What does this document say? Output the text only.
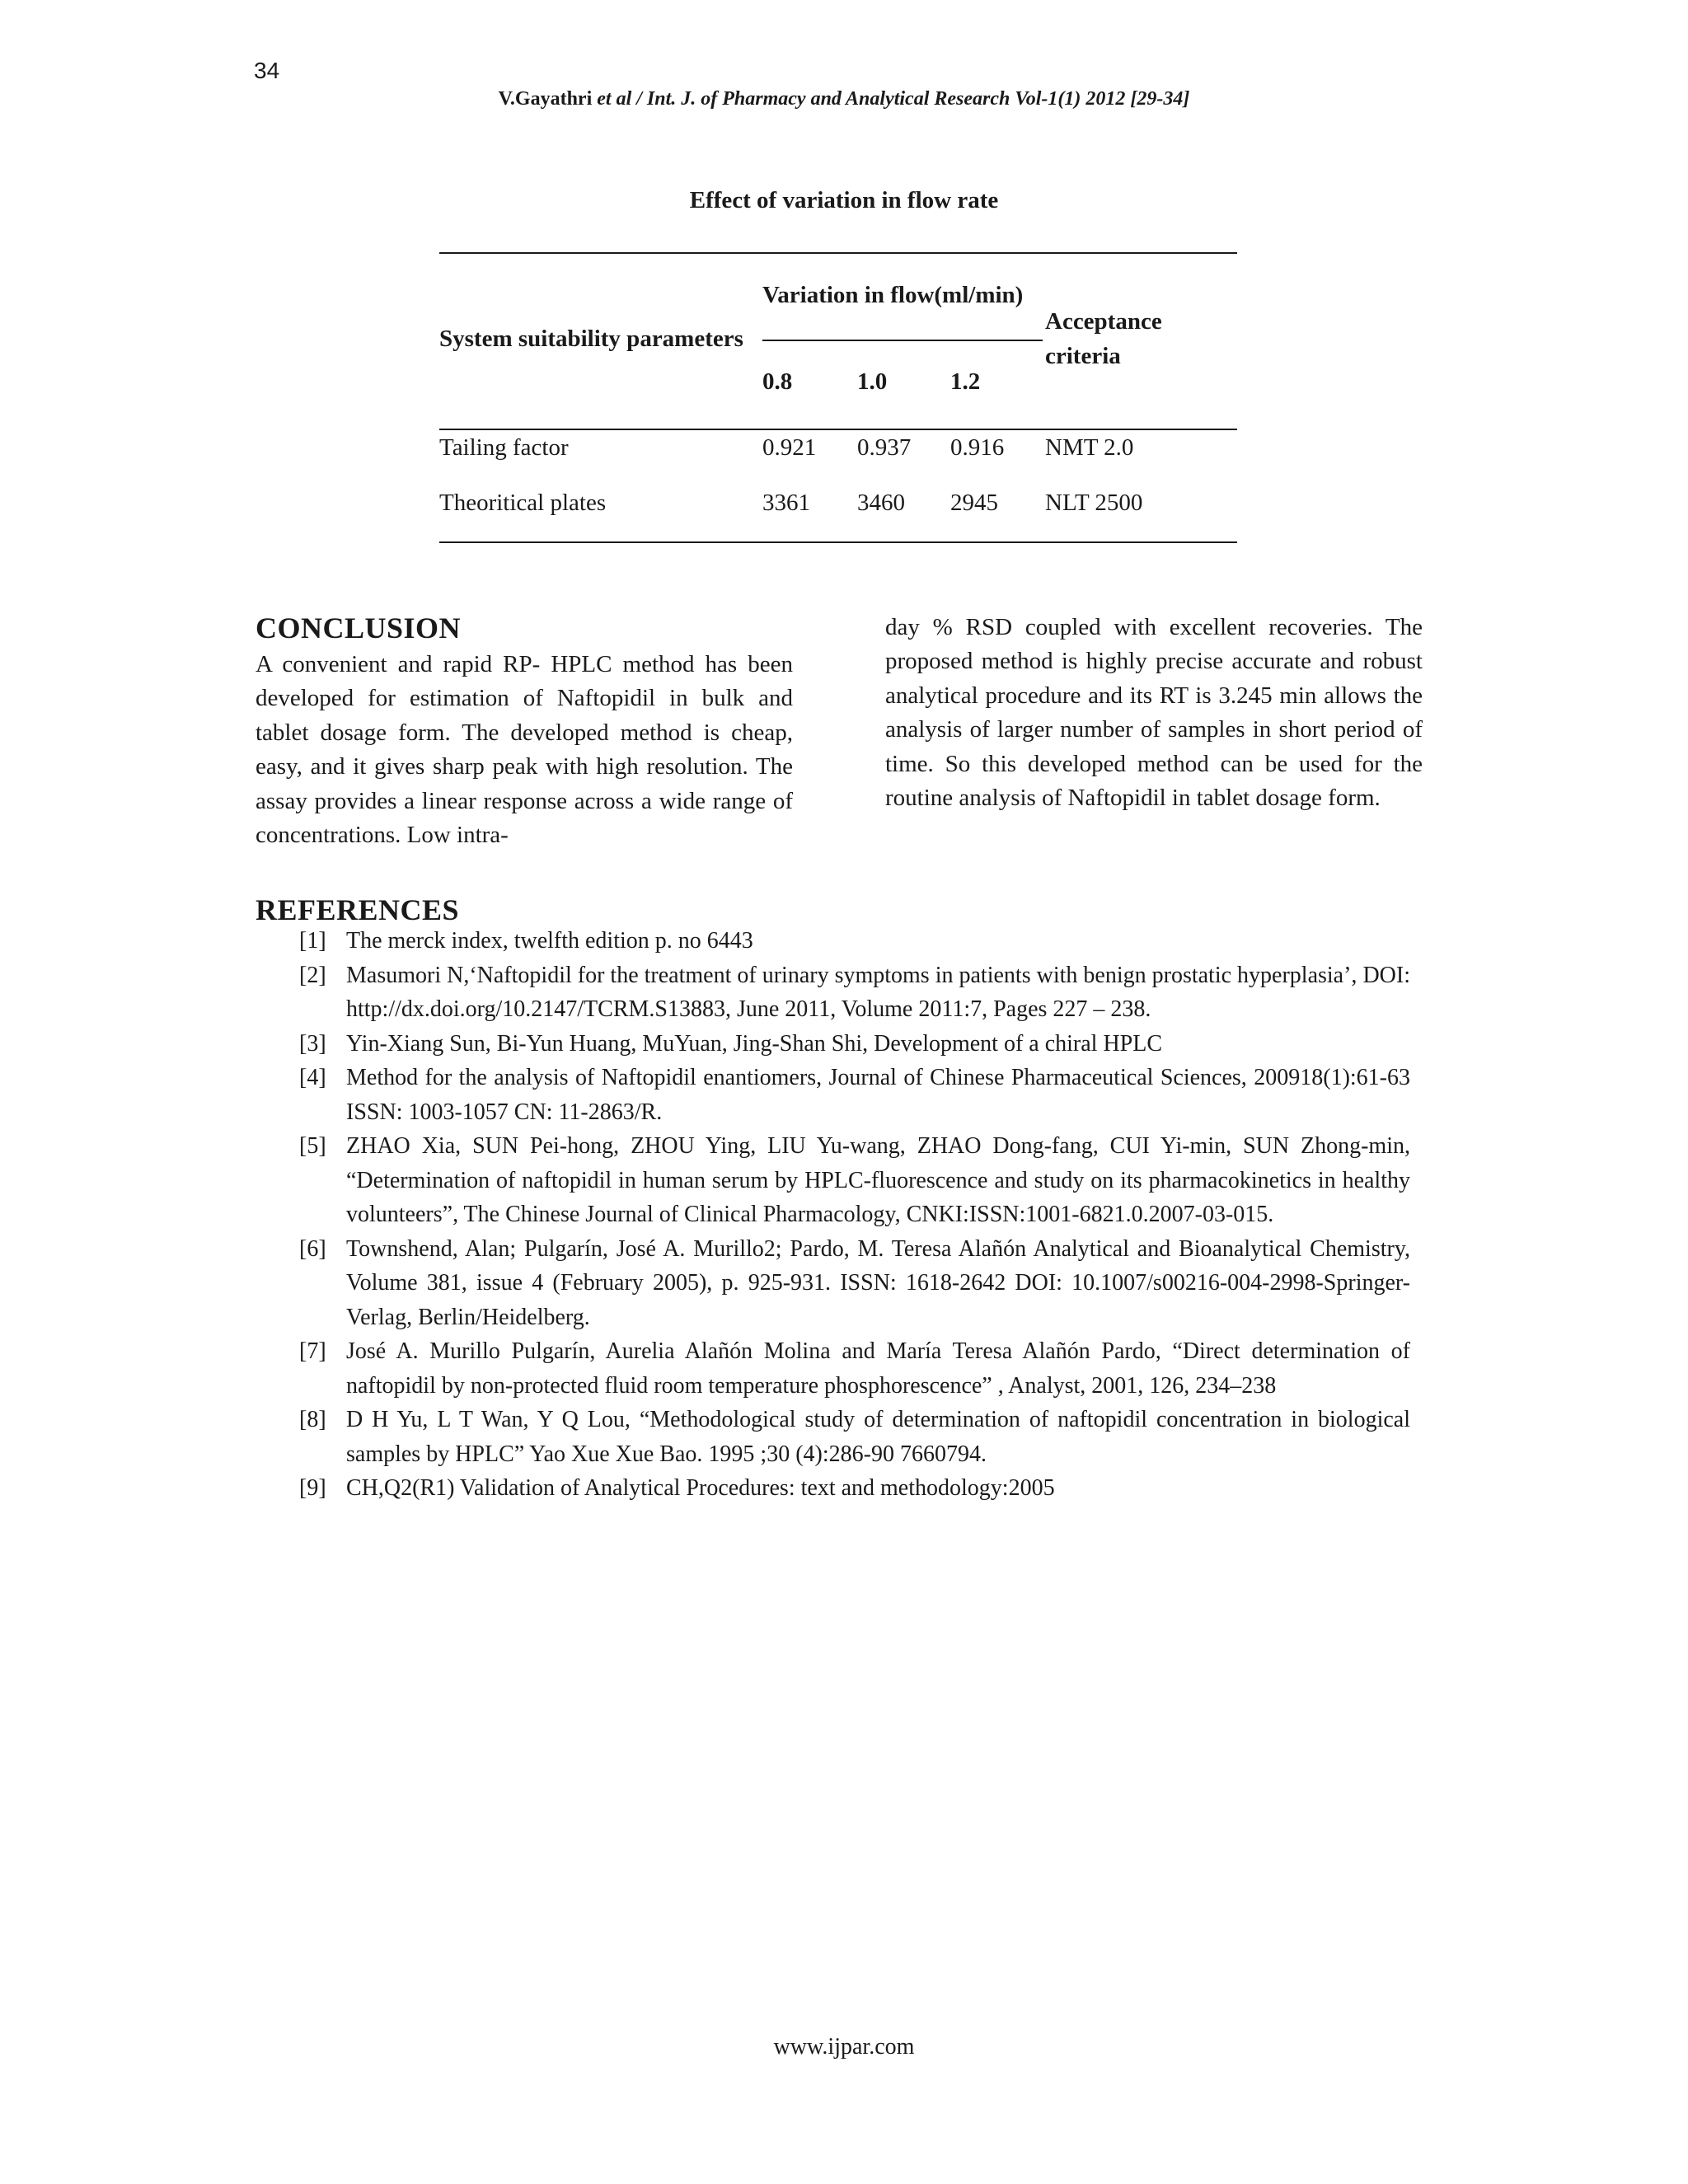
34
V.Gayathri et al / Int. J. of Pharmacy and Analytical Research Vol-1(1) 2012 [29-34]
Effect of variation in flow rate
Variation in flow(ml/min)
System suitability parameters
Acceptance
criteria
0.8	1.0	1.2
Tailing factor	0.921 0.937 0.916 NMT 2.0
Theoritical plates	3361 3460 2945 NLT 2500
CONCLUSION

A convenient and rapid RP- HPLC method has been developed for estimation of Naftopidil in bulk and tablet dosage form. The developed method is cheap, easy, and it gives sharp peak with high resolution. The assay provides a linear response across a wide range of concentrations. Low intra-

day % RSD coupled with excellent recoveries. The proposed method is highly precise accurate and robust analytical procedure and its RT is 3.245 min allows the analysis of larger number of samples in short period of time. So this developed method can be used for the routine analysis of Naftopidil in tablet dosage form.

REFERENCES
[1] The merck index, twelfth edition p. no 6443
[2] Masumori N,‘Naftopidil for the treatment of urinary symptoms in patients with benign prostatic hyperplasia’, DOI: http://dx.doi.org/10.2147/TCRM.S13883, June 2011, Volume 2011:7, Pages 227 – 238.
[3] Yin-Xiang Sun, Bi-Yun Huang, MuYuan, Jing-Shan Shi, Development of a chiral HPLC
[4] Method for the analysis of Naftopidil enantiomers, Journal of Chinese Pharmaceutical Sciences, 200918(1):61-63 ISSN: 1003-1057 CN: 11-2863/R.
[5] ZHAO Xia, SUN Pei-hong, ZHOU Ying, LIU Yu-wang, ZHAO Dong-fang, CUI Yi-min, SUN Zhong-min, “Determination of naftopidil in human serum by HPLC-fluorescence and study on its pharmacokinetics in healthy volunteers”, The Chinese Journal of Clinical Pharmacology, CNKI:ISSN:1001-6821.0.2007-03-015.
[6] Townshend, Alan; Pulgarín, José A. Murillo2; Pardo, M. Teresa Alañón Analytical and Bioanalytical Chemistry, Volume 381, issue 4 (February 2005), p. 925-931. ISSN: 1618-2642 DOI: 10.1007/s00216-004-2998-Springer-Verlag, Berlin/Heidelberg.
[7] José A. Murillo Pulgarín, Aurelia Alañón Molina and María Teresa Alañón Pardo, “Direct determination of naftopidil by non-protected fluid room temperature phosphorescence” , Analyst, 2001, 126, 234–238
[8] D H Yu, L T Wan, Y Q Lou, “Methodological study of determination of naftopidil concentration in biological samples by HPLC” Yao Xue Xue Bao. 1995 ;30 (4):286-90 7660794.
[9] CH,Q2(R1) Validation of Analytical Procedures: text and methodology:2005
www.ijpar.com
